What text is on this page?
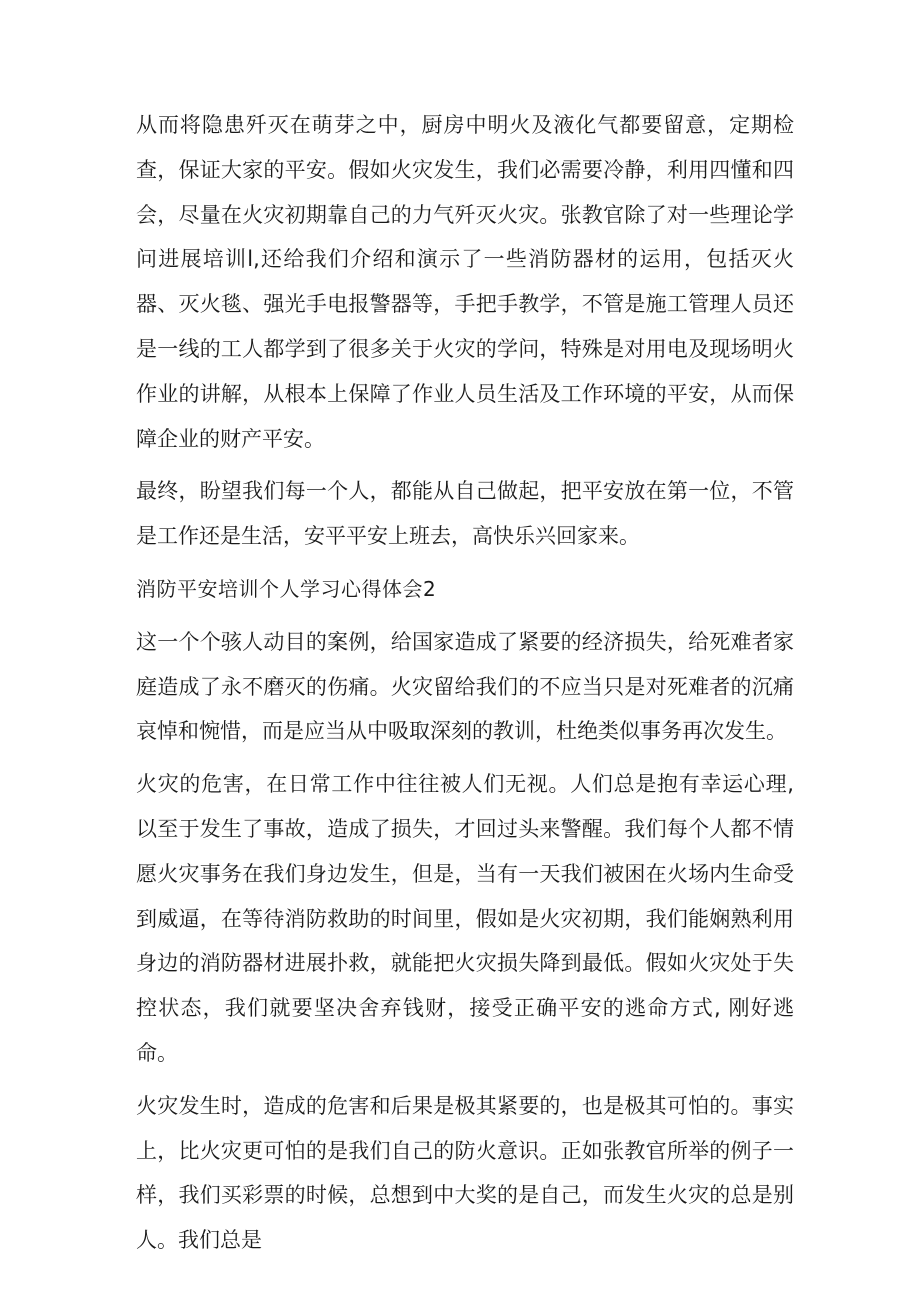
从而将隐患歼灭在萌芽之中，厨房中明火及液化气都要留意，定期检查，保证大家的平安。假如火灾发生，我们必需要冷静，利用四懂和四会，尽量在火灾初期靠自己的力气歼灭火灾。张教官除了对一些理论学问进展培训l,还给我们介绍和演示了一些消防器材的运用，包括灭火器、灭火毯、强光手电报警器等，手把手教学，不管是施工管理人员还是一线的工人都学到了很多关于火灾的学问，特殊是对用电及现场明火作业的讲解，从根本上保障了作业人员生活及工作环境的平安，从而保障企业的财产平安。

最终，盼望我们每一个人，都能从自己做起，把平安放在第一位，不管是工作还是生活，安平平安上班去，高快乐兴回家来。

消防平安培训个人学习心得体会2

这一个个骇人动目的案例，给国家造成了紧要的经济损失，给死难者家庭造成了永不磨灭的伤痛。火灾留给我们的不应当只是对死难者的沉痛哀悼和惋惜，而是应当从中吸取深刻的教训，杜绝类似事务再次发生。

火灾的危害，在日常工作中往往被人们无视。人们总是抱有幸运心理, 以至于发生了事故，造成了损失，才回过头来警醒。我们每个人都不情愿火灾事务在我们身边发生，但是，当有一天我们被困在火场内生命受到威逼，在等待消防救助的时间里，假如是火灾初期，我们能娴熟利用身边的消防器材进展扑救，就能把火灾损失降到最低。假如火灾处于失控状态，我们就要坚决舍弃钱财，接受正确平安的逃命方式, 刚好逃命。

火灾发生时，造成的危害和后果是极其紧要的，也是极其可怕的。事实上，比火灾更可怕的是我们自己的防火意识。正如张教官所举的例子一样，我们买彩票的时候，总想到中大奖的是自己，而发生火灾的总是别人。我们总是
